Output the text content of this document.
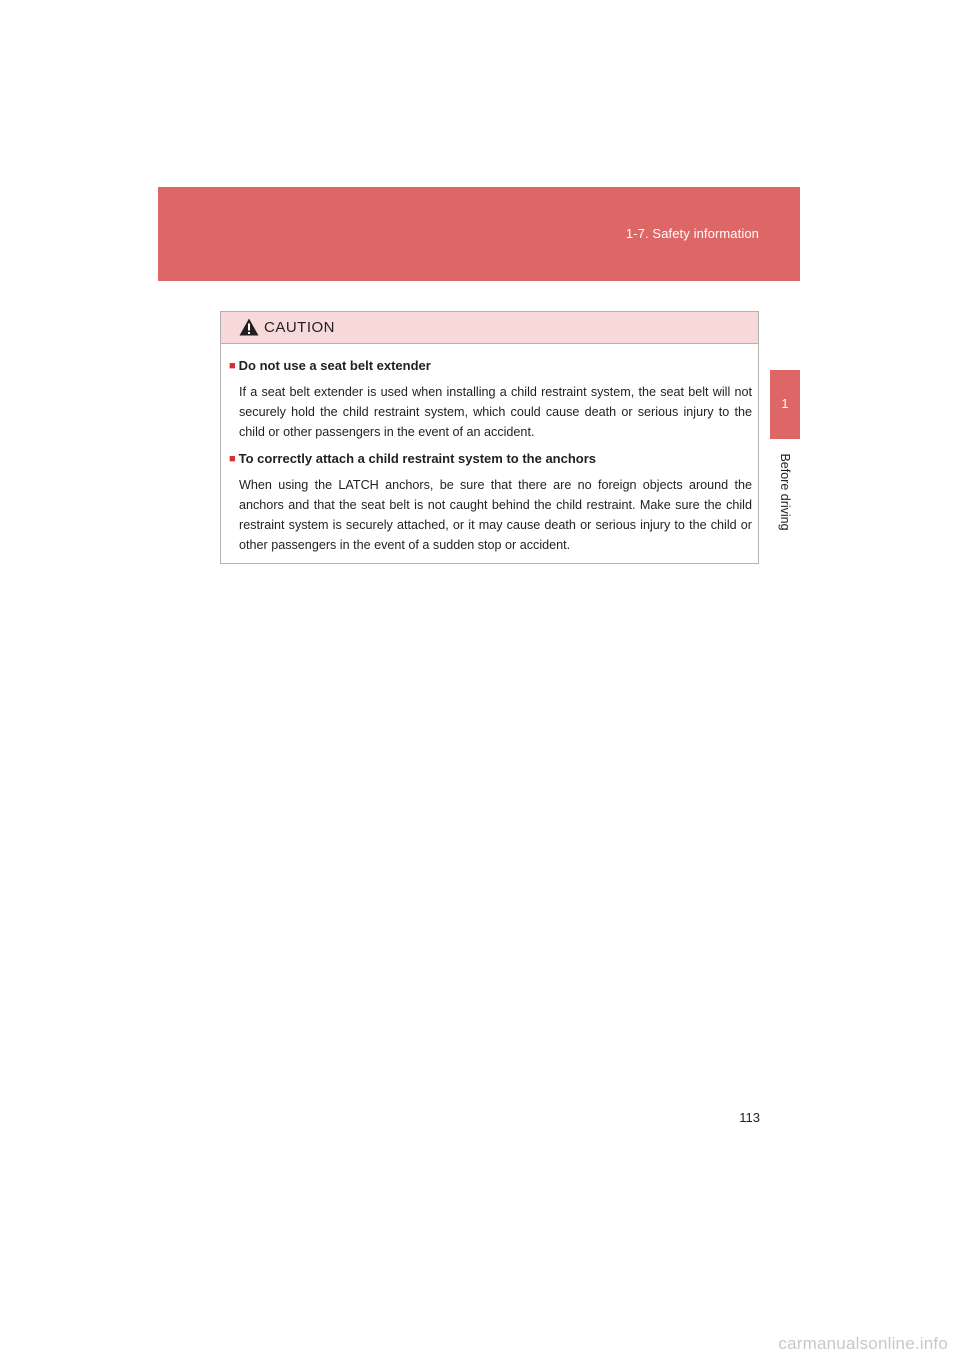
1-7. Safety information
1
Before driving
CAUTION
■ Do not use a seat belt extender
If a seat belt extender is used when installing a child restraint system, the seat belt will not securely hold the child restraint system, which could cause death or serious injury to the child or other passengers in the event of an accident.
■ To correctly attach a child restraint system to the anchors
When using the LATCH anchors, be sure that there are no foreign objects around the anchors and that the seat belt is not caught behind the child restraint. Make sure the child restraint system is securely attached, or it may cause death or serious injury to the child or other passengers in the event of a sudden stop or accident.
113
carmanualsonline.info
